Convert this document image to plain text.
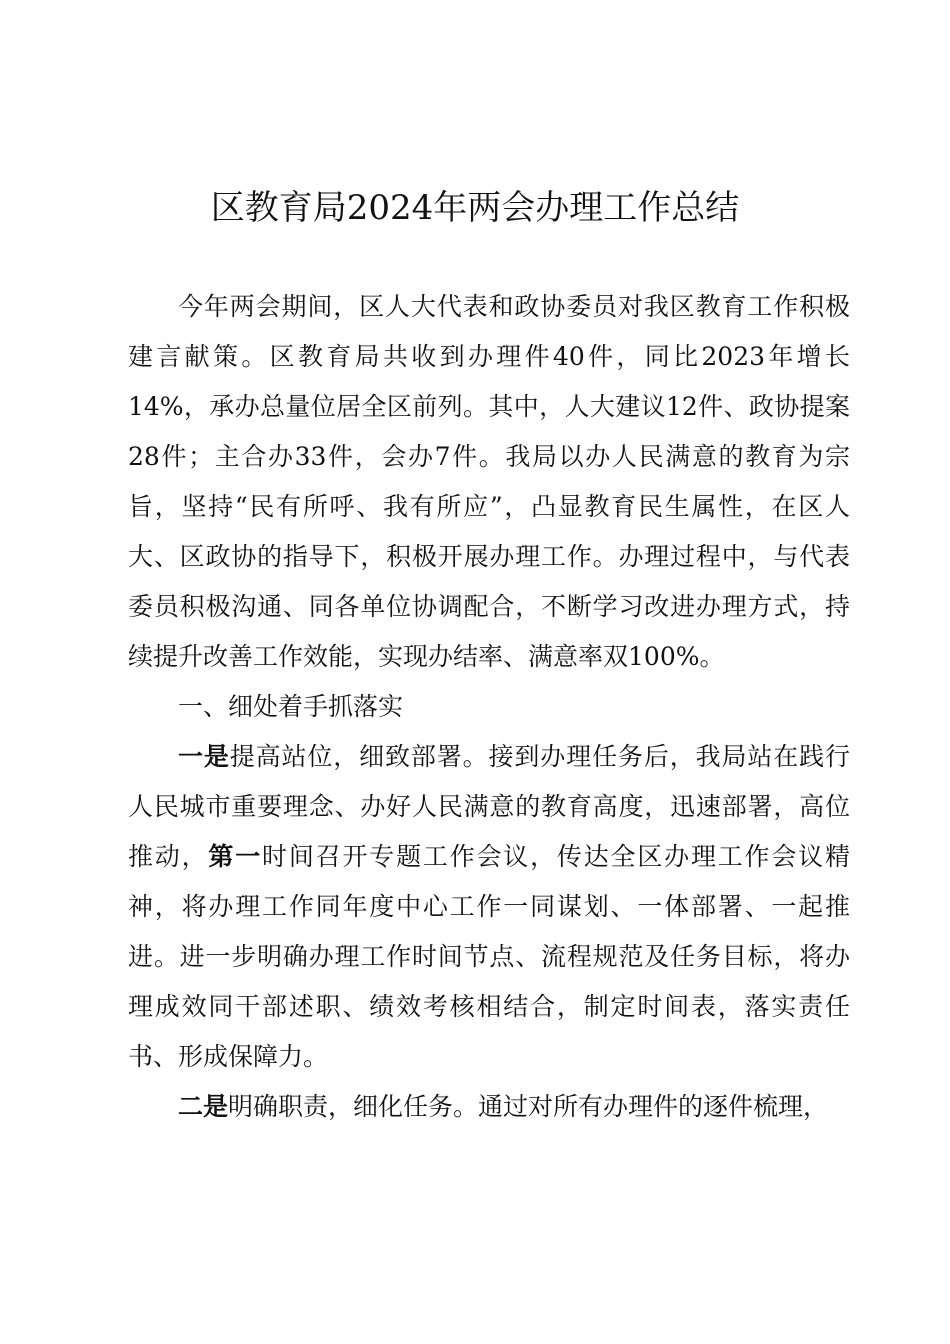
区教育局2024年两会办理工作总结

今年两会期间，区人大代表和政协委员对我区教育工作积极建言献策。区教育局共收到办理件40件，同比2023年增长14%，承办总量位居全区前列。其中，人大建议12件、政协提案28件；主合办33件，会办7件。我局以办人民满意的教育为宗旨，坚持“民有所呼、我有所应”，凸显教育民生属性，在区人大、区政协的指导下，积极开展办理工作。办理过程中，与代表委员积极沟通、同各单位协调配合，不断学习改进办理方式，持续提升改善工作效能，实现办结率、满意率双100%。

一、细处着手抓落实

一是提高站位，细致部署。接到办理任务后，我局站在践行人民城市重要理念、办好人民满意的教育高度，迅速部署，高位推动，第一时间召开专题工作会议，传达全区办理工作会议精神，将办理工作同年度中心工作一同谋划、一体部署、一起推进。进一步明确办理工作时间节点、流程规范及任务目标，将办理成效同干部述职、绩效考核相结合，制定时间表，落实责任书、形成保障力。

二是明确职责，细化任务。通过对所有办理件的逐件梳理，
